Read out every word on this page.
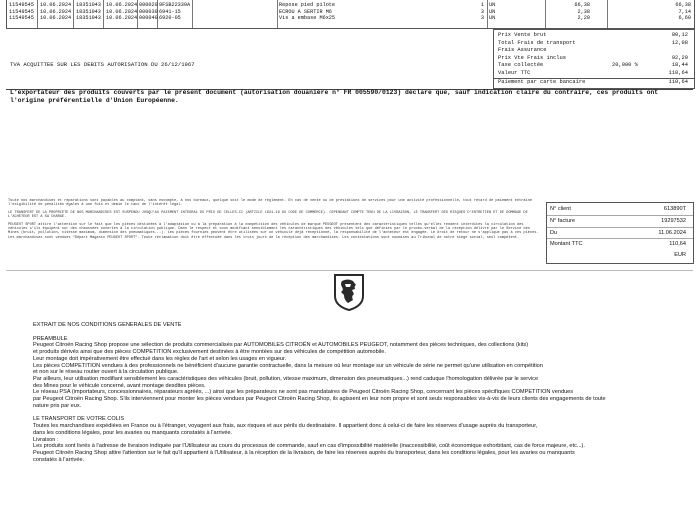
11549545 10.06.2024 18351043 10.06.2024 000020 9FSB22339A	Repose pied pilote	1 UN	66,38	66,38
11549545 10.06.2024 18351043 10.06.2024 000030 6941-15	ECROU A SERTIR M6	3 UN	2,38	7,14
11549545 10.06.2024 18351043 10.06.2024 000040 6920-05	Vis a embase M6x25	3 UN	2,20	6,60
Prix Vente brut	80,12
Total Frais de transport	12,08
Frais Assurance
Prix Vte Frais inclus	92,20
Taxe collectée	20,000 %	18,44
Valeur TTC	110,64
Paiement par carte bancaire	110,64
TVA ACQUITTEE SUR LES DEBITS AUTORISATION DU 26/12/1967
L'exportateur des produits couverts par le présent document (autorisation douanière n° FR 005590/0123) déclare que, sauf indication claire du contraire, ces produits ont l'origine préférentielle d'Union Européenne.

Toute nos marchandises et réparations sont payables au comptant, sans escompte, à nos bureaux, quelque soit le mode de règlement. En cas de vente ou de prestations de services pour une activité professionnelle, tout retard de paiement entraîne l'exigibilité de pénalités égales à une fois et demie le taux de l'intérêt légal.

LE TRANSFERT DE LA PROPRIETE DE NOS MARCHANDISES EST SUSPENDU JUSQU'AU PAIEMENT INTEGRAL DU PRIX DE CELLES-CI (ARTICLE L624-16 DU CODE DE COMMERCE). CEPENDANT COMPTE TENU DE LA LIVRAISON, LE TRANSFERT DES RISQUES D'ENTRETIEN ET DE DOMMAGE DE L'ACHETEUR EST A SA CHARGE.

PEUGEOT SPORT attire l'attention sur le fait que les pièces destinées à l'adaptation ou à la préparation à la compétition des véhicules de marque PEUGEOT présentent des caractéristiques telles qu'elles rendent interdites la circulation des véhicules s'ils équipent sur des chaussées ouvertes à la circulation publique. Dans le respect et sous modifiant sensiblement les caractéristiques des véhicules tels que définies par le procès-verbal de la réception délivré par le Service des Mines (bruit, pollution, vitesse maximum, dimension des pneumatiques...). Les pièces fournies peuvent être utilisées sur un véhicule déjà réceptionné, la responsabilité de l'acheteur est engagée. Le droit de retour ne s'applique pas à ces pièces. Les marchandises sont vendues "Départ Magasin PEUGEOT SPORT". Toute réclamation doit être effectuée dans les trois jours de la réception des marchandises. Les contestations sont soumises au Tribunal de notre siège social, seul compétent.

N° client	613890T
N° facture	19297532
Du	11.06.2024
Montant TTC	110,64
EUR

EXTRAIT DE NOS CONDITIONS GENERALES DE VENTE

PREAMBULE

Peugeot Citroën Racing Shop propose une sélection de produits commercialisés par AUTOMOBILES CITROËN et AUTOMOBILES PEUGEOT, notamment des pièces techniques, des collections (kits)

et produits dérivés ainsi que des pièces COMPETITION exclusivement destinées à être montées sur des véhicules de compétition automobile.

Leur montage doit impérativement être effectué dans les règles de l'art et selon les usages en vigueur.

Les pièces COMPETITION vendues à des professionnels ne bénéficient d'aucune garantie contractuelle, dans la mesure où leur montage sur un véhicule de série ne permet qu'une utilisation en compétition

et non sur le réseau routier ouvert à la circulation publique.

Par ailleurs, leur utilisation modifiant sensiblement les caractéristiques des véhicules (bruit, pollution, vitesse maximum, dimension des pneumatiques...) rend caduque l'homologation délivrée par le service

des Mines pour le véhicule concerné, avant montage desdites pièces.

Le réseau PSA (importateurs, concessionnaires, réparateurs agréés, ...) ainsi que les préparateurs ne sont pas mandataires de Peugeot Citroën Racing Shop, concernant les pièces spécifiques COMPETITION vendues

par Peugeot Citroën Racing Shop. S'ils interviennent pour monter les pièces vendues par Peugeot Citroën Racing Shop, ils agissent en leur nom propre et sont seuls responsables vis-à-vis de leurs clients des engagements de toute

nature pris par eux.

LE TRANSPORT DE VOTRE COLIS

Toutes les marchandises expédiées en France ou à l'étranger, voyagent aux frais, aux risques et aux périls du destinataire. Il appartient donc à celui-ci de faire les réserves d'usage auprès du transporteur,

dans les conditions légales, pour les avaries ou manquants constatés à l'arrivée.

Livraison :

Les produits sont livrés à l'adresse de livraison indiquée par l'Utilisateur au cours du processus de commande, sauf en cas d'impossibilité matérielle (inaccessibilité, coût économique exhorbitant, cas de force majeure, etc...).

Peugeot Citroën Racing Shop attire l'attention sur le fait qu'il appartient à l'Utilisateur, à la réception de la livraison, de faire les réserves auprès du transporteur, dans les conditions légales, pour les avaries ou manquants

constatés à l'arrivée.
